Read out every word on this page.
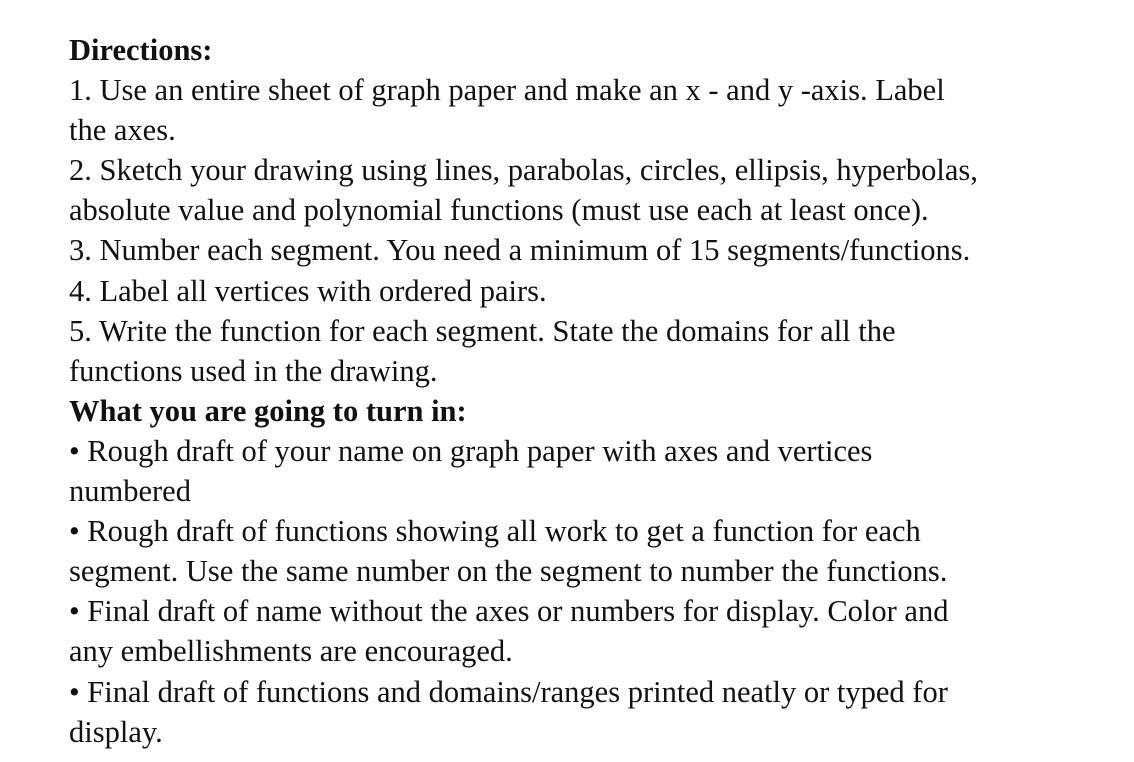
Directions:
1. Use an entire sheet of graph paper and make an x - and y -axis. Label
the axes.
2. Sketch your drawing using lines, parabolas, circles, ellipsis, hyperbolas,
absolute value and polynomial functions (must use each at least once).
3. Number each segment. You need a minimum of 15 segments/functions.
4. Label all vertices with ordered pairs.
5. Write the function for each segment. State the domains for all the
functions used in the drawing.
What you are going to turn in:
• Rough draft of your name on graph paper with axes and vertices
numbered
• Rough draft of functions showing all work to get a function for each
segment. Use the same number on the segment to number the functions.
• Final draft of name without the axes or numbers for display. Color and
any embellishments are encouraged.
• Final draft of functions and domains/ranges printed neatly or typed for
display.
